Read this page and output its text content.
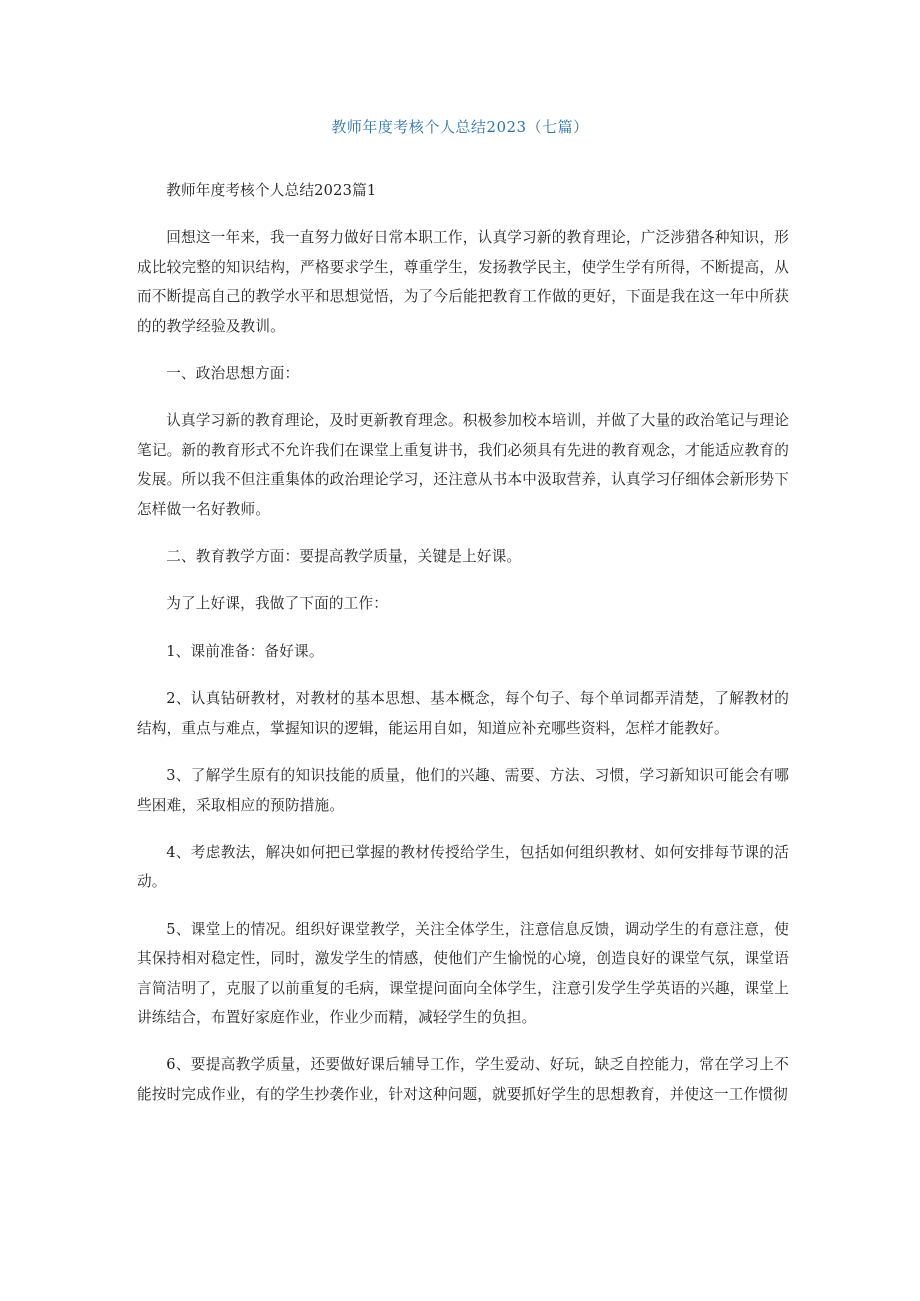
教师年度考核个人总结2023（七篇）

教师年度考核个人总结2023篇1

回想这一年来，我一直努力做好日常本职工作，认真学习新的教育理论，广泛涉猎各种知识，形成比较完整的知识结构，严格要求学生，尊重学生，发扬教学民主，使学生学有所得，不断提高，从而不断提高自己的教学水平和思想觉悟，为了今后能把教育工作做的更好，下面是我在这一年中所获的的教学经验及教训。

一、政治思想方面：

认真学习新的教育理论，及时更新教育理念。积极参加校本培训，并做了大量的政治笔记与理论笔记。新的教育形式不允许我们在课堂上重复讲书，我们必须具有先进的教育观念，才能适应教育的发展。所以我不但注重集体的政治理论学习，还注意从书本中汲取营养，认真学习仔细体会新形势下怎样做一名好教师。

二、教育教学方面：要提高教学质量，关键是上好课。

为了上好课，我做了下面的工作：

1、课前准备：备好课。

2、认真钻研教材，对教材的基本思想、基本概念，每个句子、每个单词都弄清楚，了解教材的结构，重点与难点，掌握知识的逻辑，能运用自如，知道应补充哪些资料，怎样才能教好。

3、了解学生原有的知识技能的质量，他们的兴趣、需要、方法、习惯，学习新知识可能会有哪些困难，采取相应的预防措施。

4、考虑教法，解决如何把已掌握的教材传授给学生，包括如何组织教材、如何安排每节课的活动。

5、课堂上的情况。组织好课堂教学，关注全体学生，注意信息反馈，调动学生的有意注意，使其保持相对稳定性，同时，激发学生的情感，使他们产生愉悦的心境，创造良好的课堂气氛，课堂语言简洁明了，克服了以前重复的毛病，课堂提问面向全体学生，注意引发学生学英语的兴趣，课堂上讲练结合，布置好家庭作业，作业少而精，减轻学生的负担。

6、要提高教学质量，还要做好课后辅导工作，学生爱动、好玩，缺乏自控能力，常在学习上不能按时完成作业，有的学生抄袭作业，针对这种问题，就要抓好学生的思想教育，并使这一工作惯彻
